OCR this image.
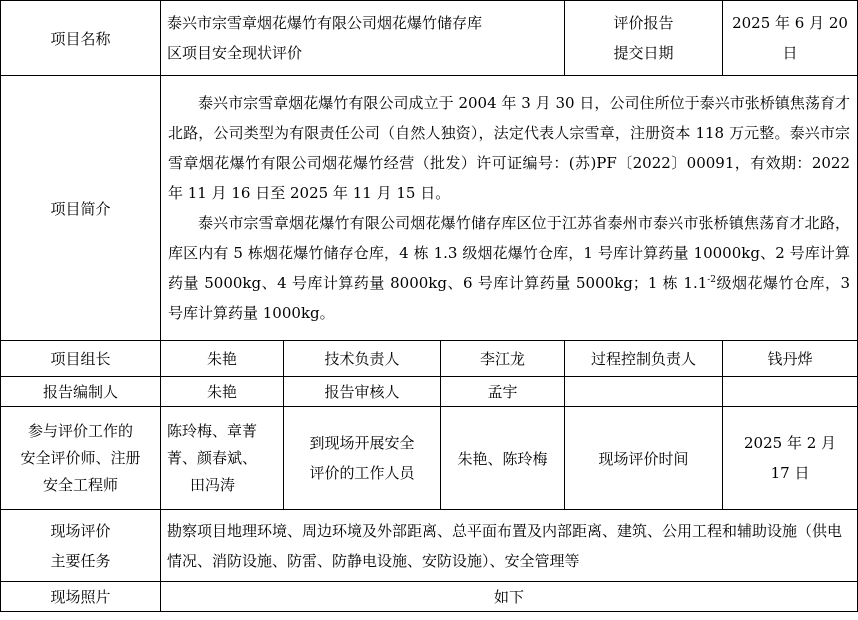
项目名称	泰兴市宗雪章烟花爆竹有限公司烟花爆竹储存库
区项目安全现状评价			评价报告
提交日期	2025 年 6 月 20
日
项目简介	泰兴市宗雪章烟花爆竹有限公司成立于 2004 年 3 月 30 日，公司住所位于泰兴市张桥镇焦荡育才北路，公司类型为有限责任公司（自然人独资），法定代表人宗雪章，注册资本 118 万元整。泰兴市宗雪章烟花爆竹有限公司烟花爆竹经营（批发）许可证编号：(苏)PF〔2022〕00091，有效期：2022 年 11 月 16 日至 2025 年 11 月 15 日。

泰兴市宗雪章烟花爆竹有限公司烟花爆竹储存库区位于江苏省泰州市泰兴市张桥镇焦荡育才北路，库区内有 5 栋烟花爆竹储存仓库，4 栋 1.3 级烟花爆竹仓库，1 号库计算药量 10000kg、2 号库计算药量 5000kg、4 号库计算药量 8000kg、6 号库计算药量 5000kg；1 栋 $1.1^{-2}$级烟花爆竹仓库，3 号库计算药量 1000kg。				

项目组长	朱艳	技术负责人	李江龙	过程控制负责人	钱丹烨
报告编制人	朱艳	报告审核人	孟宇		
参与评价工作的
安全评价师、注册
安全工程师	陈玲梅、章菁
菁、颜春斌、
田冯涛	到现场开展安全
评价的工作人员	朱艳、陈玲梅	现场评价时间	2025 年 2 月
17 日
现场评价
主要任务	勘察项目地理环境、周边环境及外部距离、总平面布置及内部距离、建筑、公用工程和辅助设施（供电情况、消防设施、防雷、防静电设施、安防设施）、安全管理等				
现场照片	如下				
